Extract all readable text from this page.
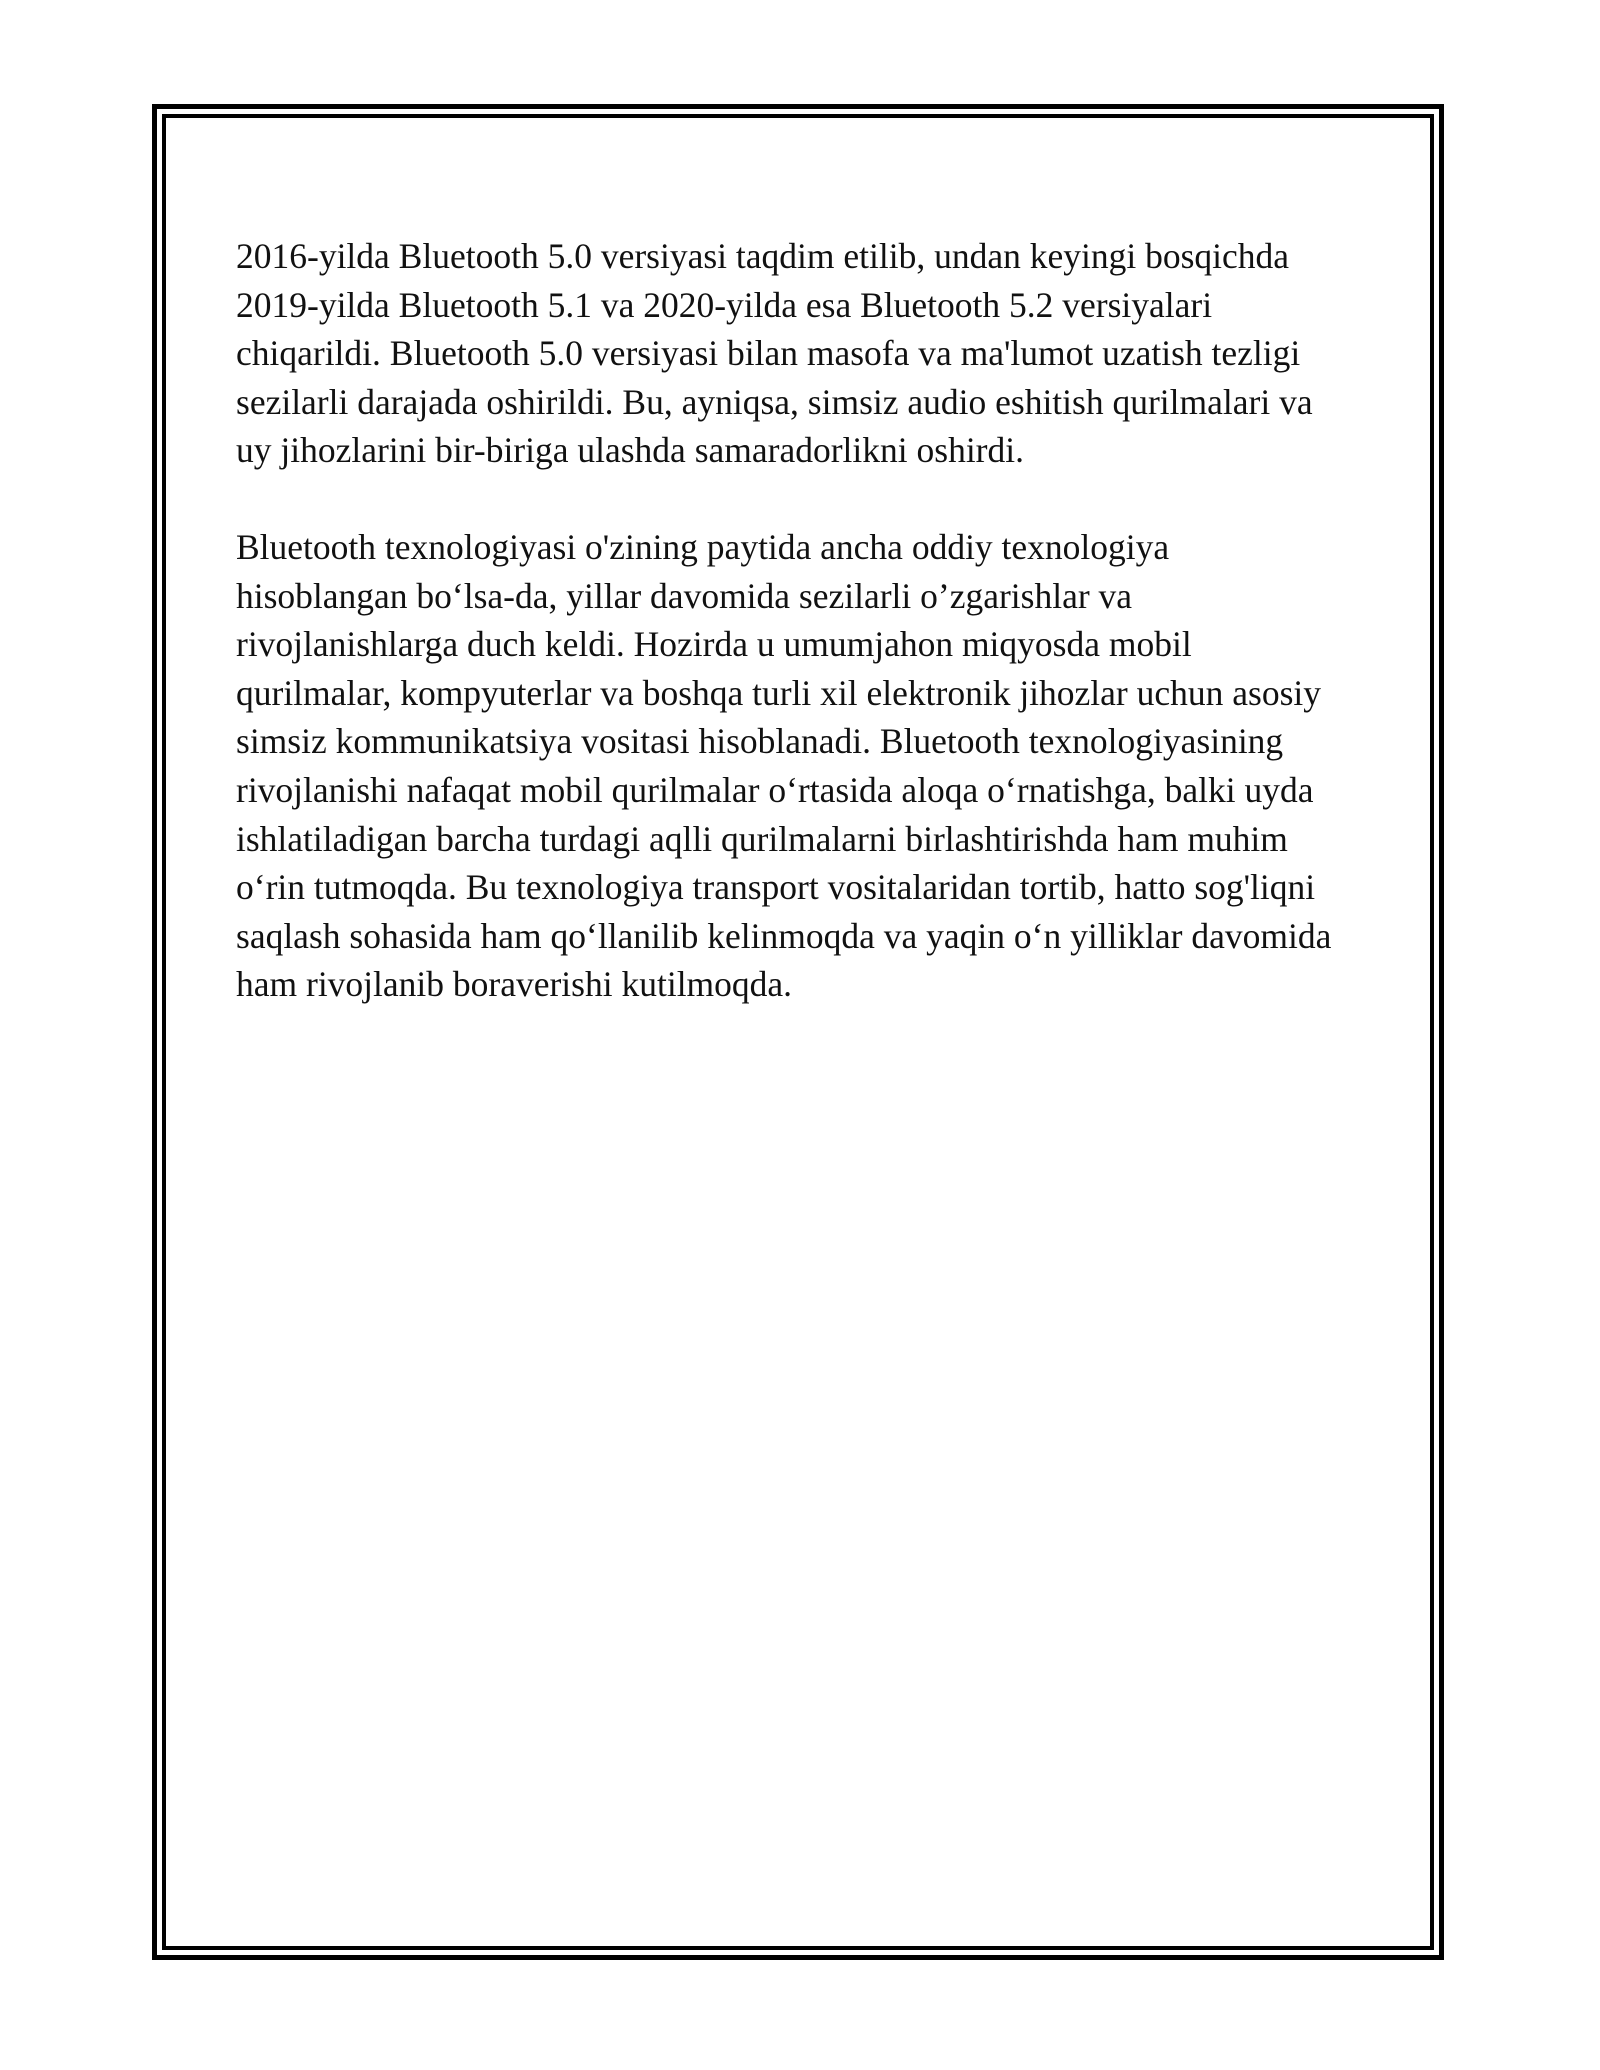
2016-yilda Bluetooth 5.0 versiyasi taqdim etilib, undan keyingi bosqichda
2019-yilda Bluetooth 5.1 va 2020-yilda esa Bluetooth 5.2 versiyalari
chiqarildi. Bluetooth 5.0 versiyasi bilan masofa va ma'lumot uzatish tezligi
sezilarli darajada oshirildi. Bu, ayniqsa, simsiz audio eshitish qurilmalari va
uy jihozlarini bir-biriga ulashda samaradorlikni oshirdi.

Bluetooth texnologiyasi o'zining paytida ancha oddiy texnologiya
hisoblangan bo‘lsa-da, yillar davomida sezilarli o’zgarishlar va
rivojlanishlarga duch keldi. Hozirda u umumjahon miqyosda mobil
qurilmalar, kompyuterlar va boshqa turli xil elektronik jihozlar uchun asosiy
simsiz kommunikatsiya vositasi hisoblanadi. Bluetooth texnologiyasining
rivojlanishi nafaqat mobil qurilmalar o‘rtasida aloqa o‘rnatishga, balki uyda
ishlatiladigan barcha turdagi aqlli qurilmalarni birlashtirishda ham muhim
o‘rin tutmoqda. Bu texnologiya transport vositalaridan tortib, hatto sog'liqni
saqlash sohasida ham qo‘llanilib kelinmoqda va yaqin o‘n yilliklar davomida
ham rivojlanib boraverishi kutilmoqda.
